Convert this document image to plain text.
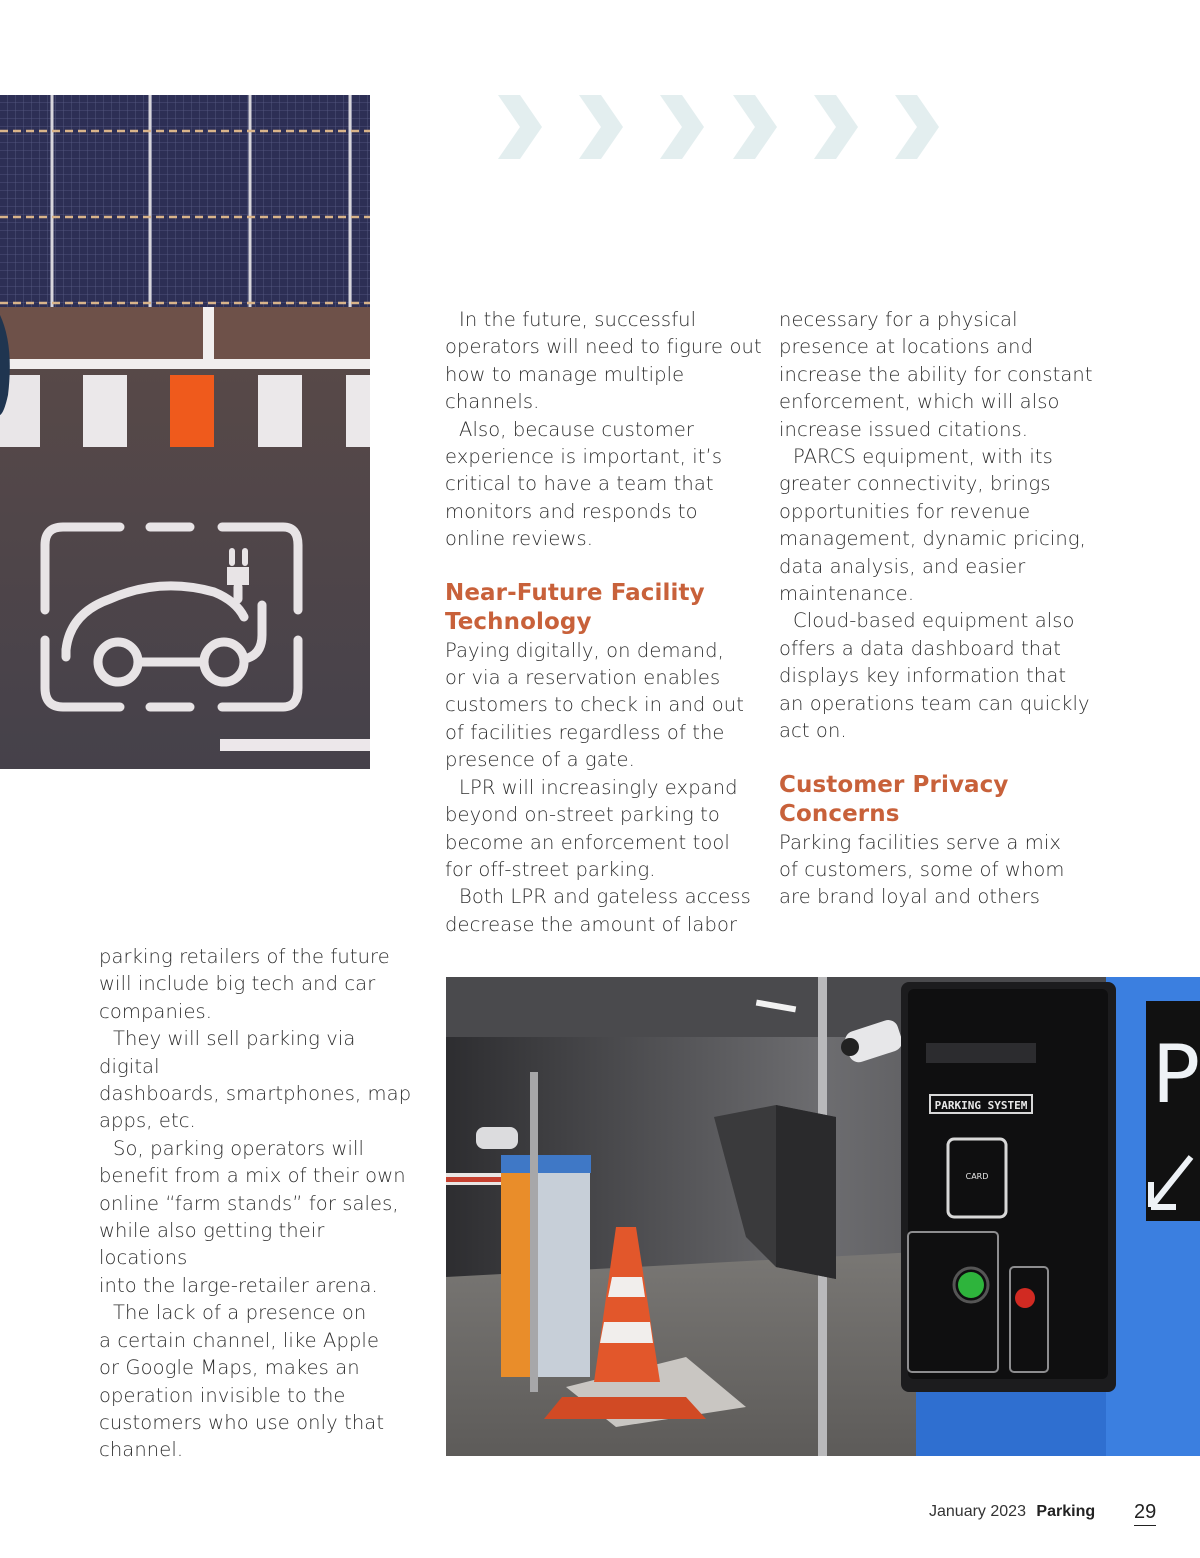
In the future, successful
operators will need to figure out
how to manage multiple channels.

Also, because customer
experience is important, it’s
critical to have a team that
monitors and responds to
online reviews.

Near-Future Facility
Technology

Paying digitally, on demand,
or via a reservation enables
customers to check in and out
of facilities regardless of the
presence of a gate.

LPR will increasingly expand
beyond on-street parking to
become an enforcement tool
for off-street parking.

Both LPR and gateless access
decrease the amount of labor

necessary for a physical
presence at locations and
increase the ability for constant
enforcement, which will also
increase issued citations.

PARCS equipment, with its
greater connectivity, brings
opportunities for revenue
management, dynamic pricing,
data analysis, and easier
maintenance.

Cloud-based equipment also
offers a data dashboard that
displays key information that
an operations team can quickly
act on.

Customer Privacy
Concerns

Parking facilities serve a mix
of customers, some of whom
are brand loyal and others

parking retailers of the future
will include big tech and car
companies.

They will sell parking via digital
dashboards, smartphones, map
apps, etc.

So, parking operators will
benefit from a mix of their own
online “farm stands” for sales,
while also getting their locations
into the large-retailer arena.

The lack of a presence on
a certain channel, like Apple
or Google Maps, makes an
operation invisible to the
customers who use only that
channel.

PARKING SYSTEM
CARD
P
January 2023 Parking 29
